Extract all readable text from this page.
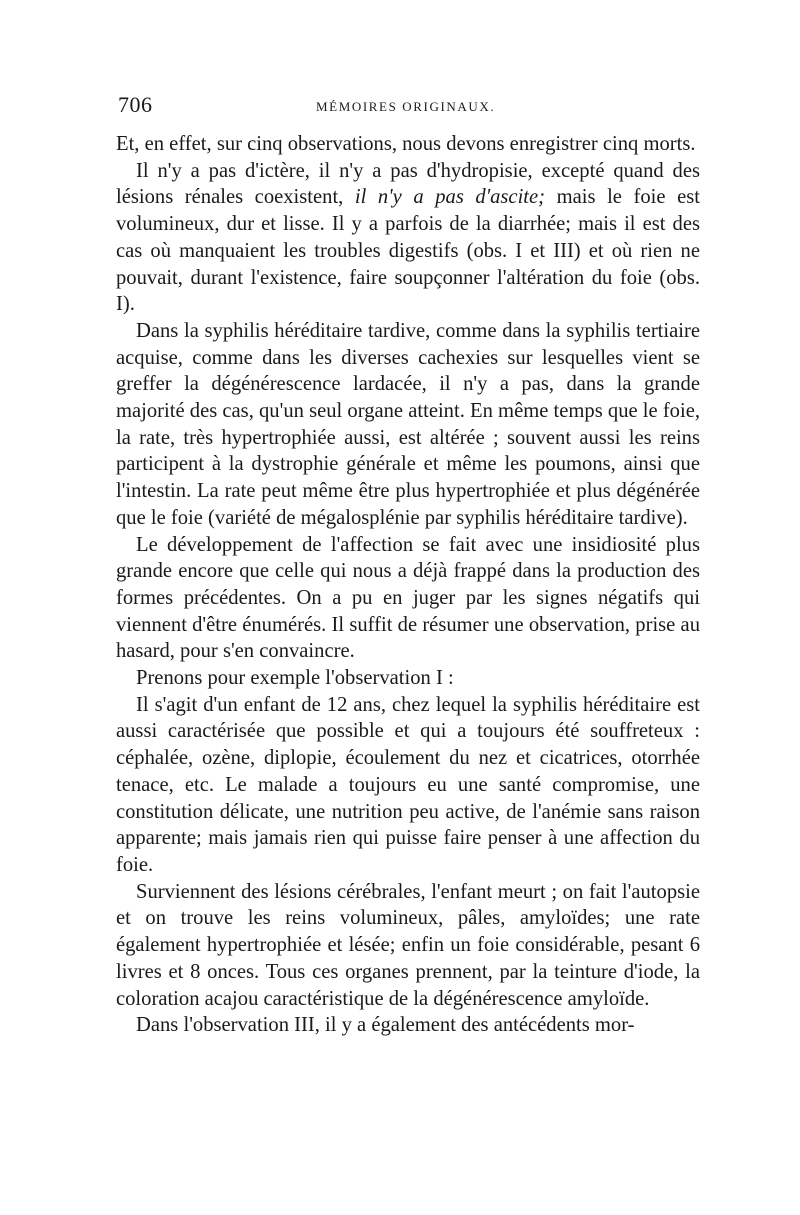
706	MÉMOIRES ORIGINAUX.

Et, en effet, sur cinq observations, nous devons enregistrer cinq morts.

Il n'y a pas d'ictère, il n'y a pas d'hydropisie, excepté quand des lésions rénales coexistent, il n'y a pas d'ascite; mais le foie est volumineux, dur et lisse. Il y a parfois de la diarrhée; mais il est des cas où manquaient les troubles digestifs (obs. I et III) et où rien ne pouvait, durant l'existence, faire soupçonner l'altération du foie (obs. I).

Dans la syphilis héréditaire tardive, comme dans la syphilis tertiaire acquise, comme dans les diverses cachexies sur lesquelles vient se greffer la dégénérescence lardacée, il n'y a pas, dans la grande majorité des cas, qu'un seul organe atteint. En même temps que le foie, la rate, très hypertrophiée aussi, est altérée ; souvent aussi les reins participent à la dystrophie générale et même les poumons, ainsi que l'intestin. La rate peut même être plus hypertrophiée et plus dégénérée que le foie (variété de mégalosplénie par syphilis héréditaire tardive).

Le développement de l'affection se fait avec une insidiosité plus grande encore que celle qui nous a déjà frappé dans la production des formes précédentes. On a pu en juger par les signes négatifs qui viennent d'être énumérés. Il suffit de résumer une observation, prise au hasard, pour s'en convaincre.

Prenons pour exemple l'observation I :

Il s'agit d'un enfant de 12 ans, chez lequel la syphilis héréditaire est aussi caractérisée que possible et qui a toujours été souffreteux : céphalée, ozène, diplopie, écoulement du nez et cicatrices, otorrhée tenace, etc. Le malade a toujours eu une santé compromise, une constitution délicate, une nutrition peu active, de l'anémie sans raison apparente; mais jamais rien qui puisse faire penser à une affection du foie.

Surviennent des lésions cérébrales, l'enfant meurt ; on fait l'autopsie et on trouve les reins volumineux, pâles, amyloïdes; une rate également hypertrophiée et lésée; enfin un foie considérable, pesant 6 livres et 8 onces. Tous ces organes prennent, par la teinture d'iode, la coloration acajou caractéristique de la dégénérescence amyloïde.

Dans l'observation III, il y a également des antécédents mor-
